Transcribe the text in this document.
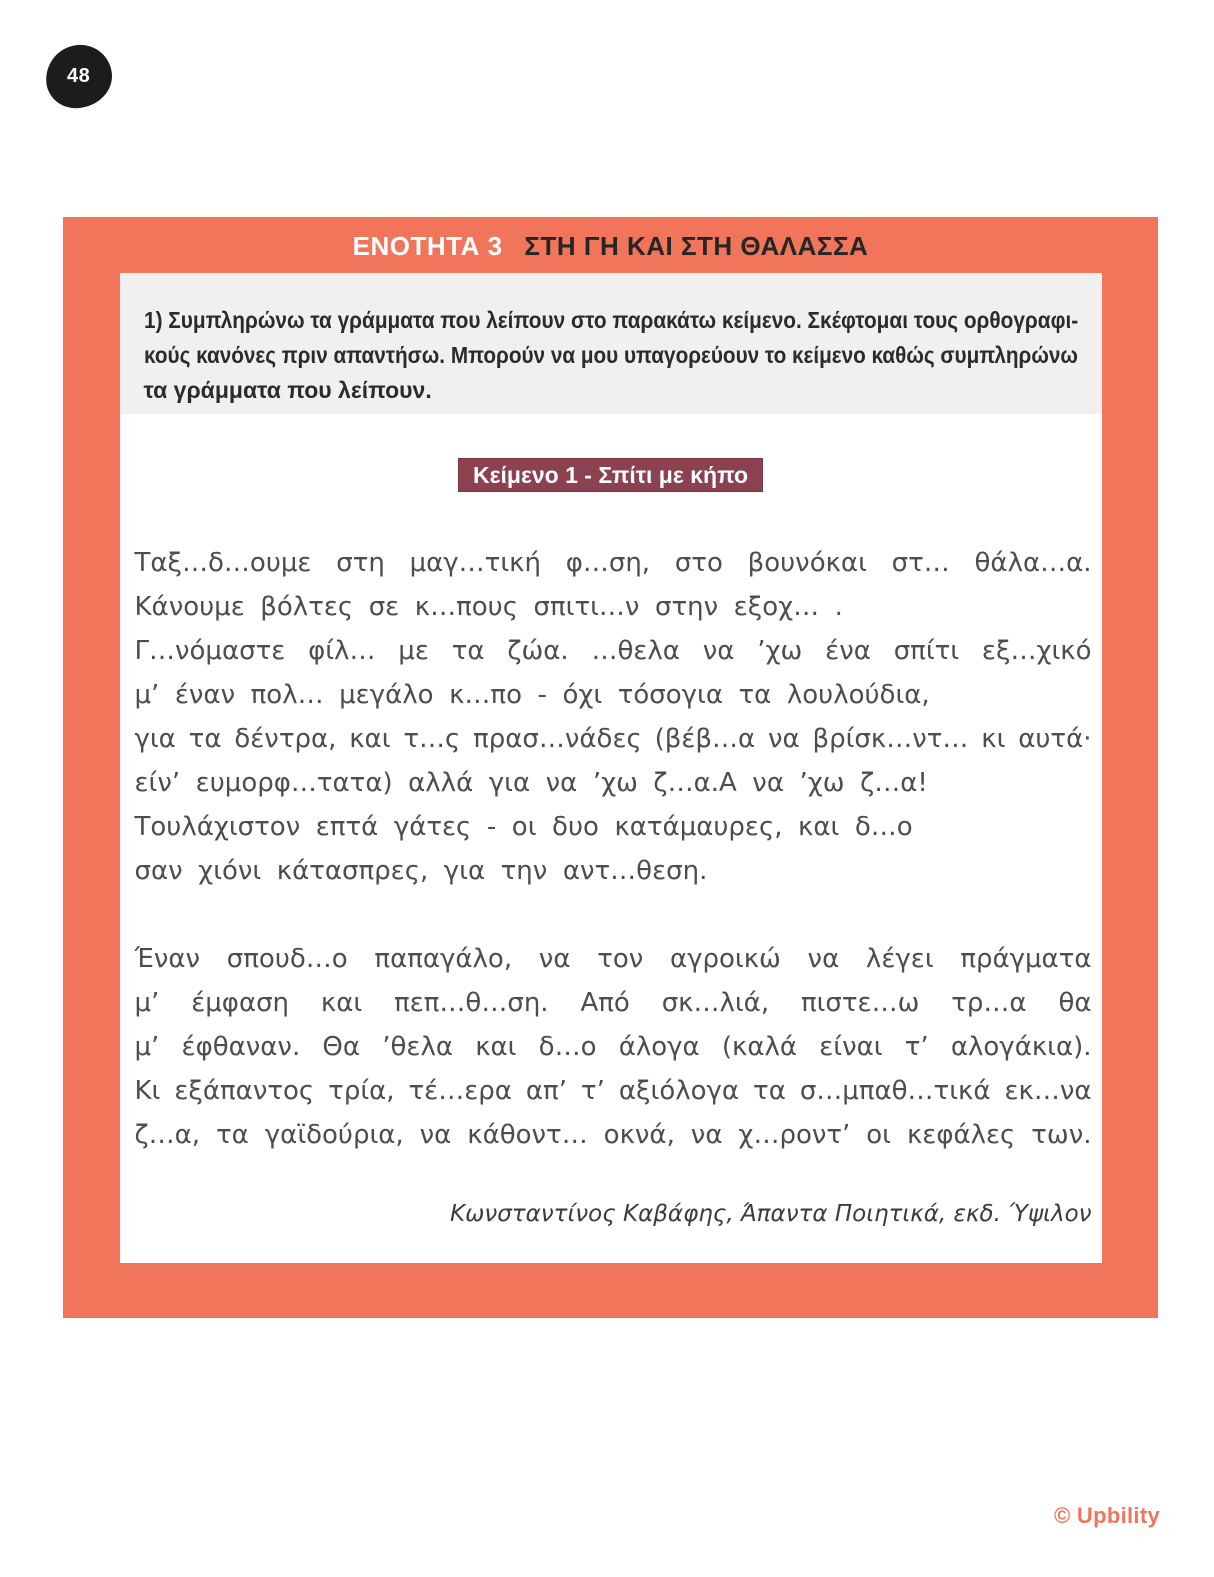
48
ΕΝΟΤΗΤΑ 3 ΣΤΗ ΓΗ ΚΑΙ ΣΤΗ ΘΑΛΑΣΣΑ
1) Συμπληρώνω τα γράμματα που λείπουν στο παρακάτω κείμενο. Σκέφτομαι τους ορθογραφι-
κούς κανόνες πριν απαντήσω. Μπορούν να μου υπαγορεύουν το κείμενο καθώς συμπληρώνω
τα γράμματα που λείπουν.
Κείμενο 1 - Σπίτι με κήπο
Ταξ…δ…ουμε στη μαγ…τική φ…ση, στο βουνόκαι στ… θάλα…α.
Κάνουμε βόλτες σε κ…πους σπιτι…ν στην εξοχ… .
Γ…νόμαστε φίλ… με τα ζώα. …θελα να ’χω ένα σπίτι εξ…χικό
μ’ έναν πολ… μεγάλο κ…πο - όχι τόσογια τα λουλούδια,
για τα δέντρα, και τ…ς πρασ…νάδες (βέβ…α να βρίσκ…ντ… κι αυτά·
είν’ ευμορφ…τατα) αλλά για να ’χω ζ…α.Α να ’χω ζ…α!
Τουλάχιστον επτά γάτες - οι δυο κατάμαυρες, και δ…ο
σαν χιόνι κάτασπρες, για την αντ…θεση.
Έναν σπουδ…ο παπαγάλο, να τον αγροικώ να λέγει πράγματα
μ’ έμφαση και πεπ…θ…ση. Από σκ…λιά, πιστε…ω τρ…α θα
μ’ έφθαναν. Θα ’θελα και δ…ο άλογα (καλά είναι τ’ αλογάκια).
Κι εξάπαντος τρία, τέ…ερα απ’ τ’ αξιόλογα τα σ…μπαθ…τικά εκ…να
ζ…α, τα γαϊδούρια, να κάθοντ… οκνά, να χ…ροντ’ οι κεφάλες των.
Κωνσταντίνος Καβάφης, Άπαντα Ποιητικά, εκδ. Ύψιλον
© Upbility
